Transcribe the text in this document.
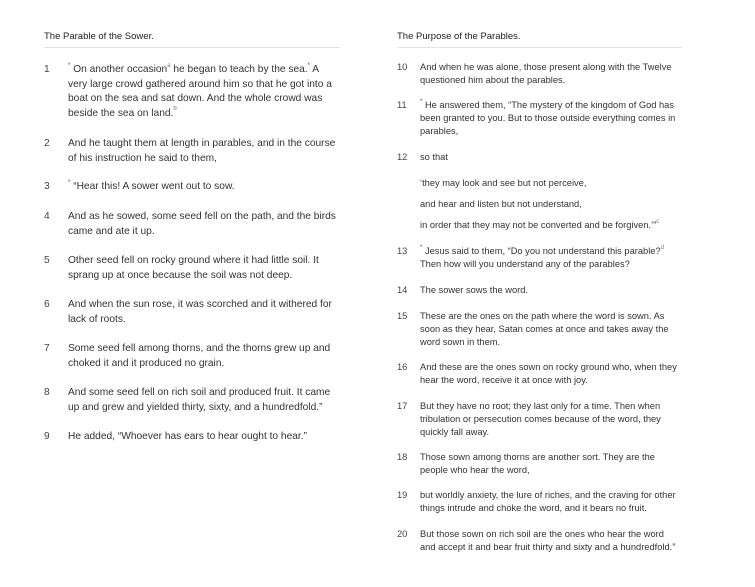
The Parable of the Sower.
1	* On another occasion$^a$ he began to teach by the sea.* A very large crowd gathered around him so that he got into a boat on the sea and sat down. And the whole crowd was beside the sea on land.$^b$
2 And he taught them at length in parables, and in the course of his instruction he said to them,
3	* “Hear this! A sower went out to sow.
4 And as he sowed, some seed fell on the path, and the birds came and ate it up.
5 Other seed fell on rocky ground where it had little soil. It sprang up at once because the soil was not deep.
6 And when the sun rose, it was scorched and it withered for lack of roots.
7 Some seed fell among thorns, and the thorns grew up and choked it and it produced no grain.
8 And some seed fell on rich soil and produced fruit. It came up and grew and yielded thirty, sixty, and a hundredfold.”
9 He added, “Whoever has ears to hear ought to hear.”
The Purpose of the Parables.
10 And when he was alone, those present along with the Twelve questioned him about the parables.
11 * He answered them, “The mystery of the kingdom of God has been granted to you. But to those outside everything comes in parables,
12 so that
‘they may look and see but not perceive,
and hear and listen but not understand,
in order that they may not be converted and be forgiven.’”$^c$
13 * Jesus said to them, “Do you not understand this parable?$^d$
Then how will you understand any of the parables?
14 The sower sows the word.
15 These are the ones on the path where the word is sown. As soon as they hear, Satan comes at once and takes away the word sown in them.
16 And these are the ones sown on rocky ground who, when they hear the word, receive it at once with joy.
17 But they have no root; they last only for a time. Then when tribulation or persecution comes because of the word, they quickly fall away.
18 Those sown among thorns are another sort. They are the people who hear the word,
19 but worldly anxiety, the lure of riches, and the craving for other things intrude and choke the word, and it bears no fruit.
20 But those sown on rich soil are the ones who hear the word and accept it and bear fruit thirty and sixty and a hundredfold.”
